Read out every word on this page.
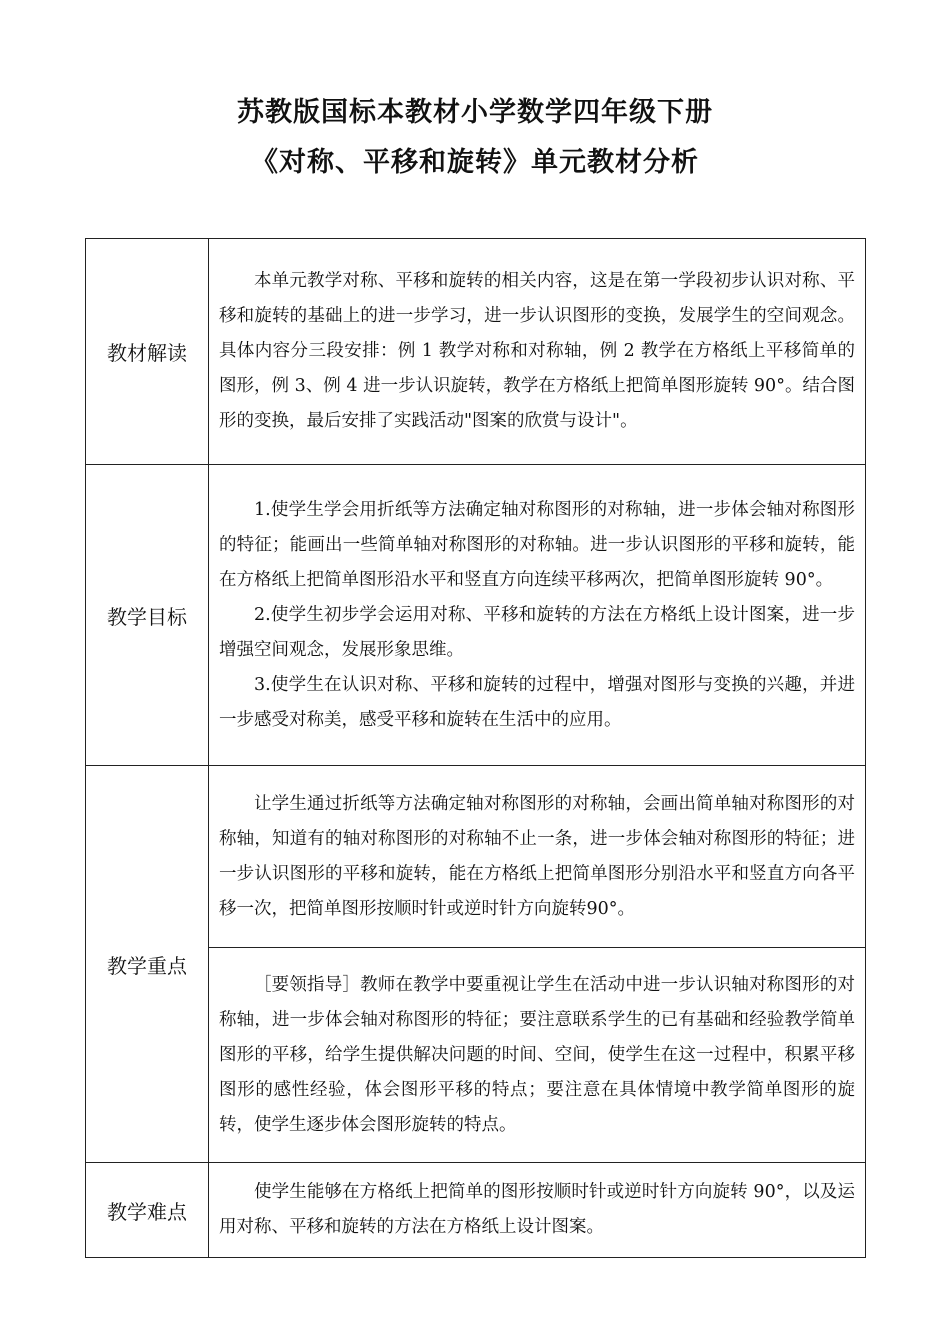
苏教版国标本教材小学数学四年级下册
《对称、平移和旋转》单元教材分析
教材解读	本单元教学对称、平移和旋转的相关内容，这是在第一学段初步认识对称、平移和旋转的基础上的进一步学习，进一步认识图形的变换，发展学生的空间观念。具体内容分三段安排：例 1 教学对称和对称轴，例 2 教学在方格纸上平移简单的图形，例 3、例 4 进一步认识旋转，教学在方格纸上把简单图形旋转 90°。结合图形的变换，最后安排了实践活动"图案的欣赏与设计"。

教学目标	1.使学生学会用折纸等方法确定轴对称图形的对称轴，进一步体会轴对称图形的特征；能画出一些简单轴对称图形的对称轴。进一步认识图形的平移和旋转，能在方格纸上把简单图形沿水平和竖直方向连续平移两次，把简单图形旋转 90°。

2.使学生初步学会运用对称、平移和旋转的方法在方格纸上设计图案，进一步增强空间观念，发展形象思维。

3.使学生在认识对称、平移和旋转的过程中，增强对图形与变换的兴趣，并进一步感受对称美，感受平移和旋转在生活中的应用。

教学重点	让学生通过折纸等方法确定轴对称图形的对称轴，会画出简单轴对称图形的对称轴，知道有的轴对称图形的对称轴不止一条，进一步体会轴对称图形的特征；进一步认识图形的平移和旋转，能在方格纸上把简单图形分别沿水平和竖直方向各平移一次，把简单图形按顺时针或逆时针方向旋转90°。

	［要领指导］教师在教学中要重视让学生在活动中进一步认识轴对称图形的对称轴，进一步体会轴对称图形的特征；要注意联系学生的已有基础和经验教学简单图形的平移，给学生提供解决问题的时间、空间，使学生在这一过程中，积累平移图形的感性经验，体会图形平移的特点；要注意在具体情境中教学简单图形的旋转，使学生逐步体会图形旋转的特点。

教学难点	使学生能够在方格纸上把简单的图形按顺时针或逆时针方向旋转 90°，以及运用对称、平移和旋转的方法在方格纸上设计图案。
